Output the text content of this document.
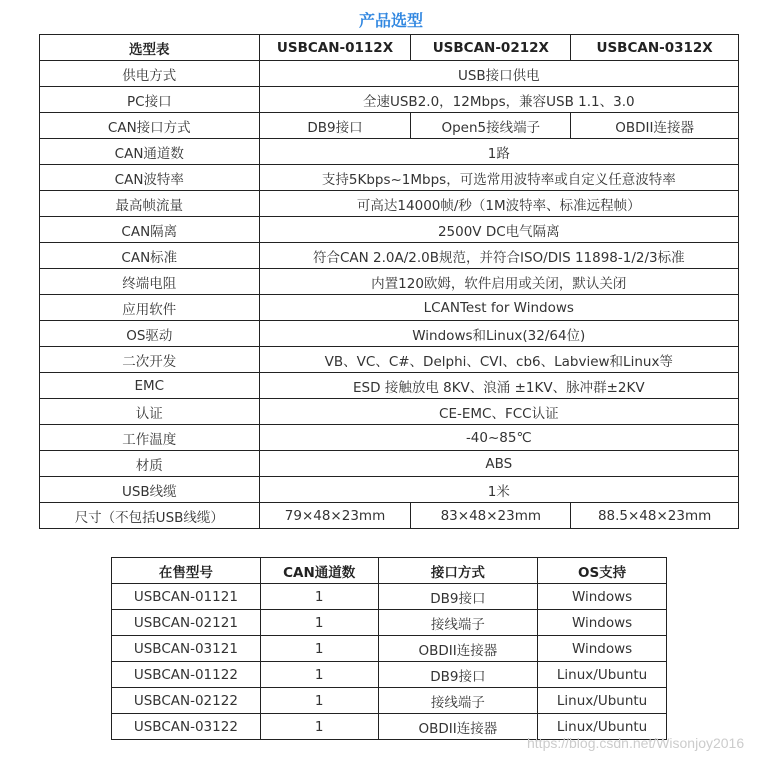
产品选型
选型表	USBCAN-0112X	USBCAN-0212X	USBCAN-0312X
供电方式	USB接口供电		
PC接口	全速USB2.0，12Mbps，兼容USB 1.1、3.0		
CAN接口方式	DB9接口	Open5接线端子	OBDII连接器
CAN通道数	1路		
CAN波特率	支持5Kbps~1Mbps，可选常用波特率或自定义任意波特率		
最高帧流量	可高达14000帧/秒（1M波特率、标准远程帧）		
CAN隔离	2500V DC电气隔离		
CAN标准	符合CAN 2.0A/2.0B规范，并符合ISO/DIS 11898-1/2/3标准		
终端电阻	内置120欧姆，软件启用或关闭，默认关闭		
应用软件	LCANTest for Windows		
OS驱动	Windows和Linux(32/64位)		
二次开发	VB、VC、C#、Delphi、CVI、cb6、Labview和Linux等		
EMC	ESD 接触放电 8KV、浪涌 ±1KV、脉冲群±2KV		
认证	CE-EMC、FCC认证		
工作温度	-40~85℃		
材质	ABS		
USB线缆	1米		
尺寸（不包括USB线缆）	79×48×23mm	83×48×23mm	88.5×48×23mm
在售型号	CAN通道数	接口方式	OS支持
USBCAN-01121	1	DB9接口	Windows
USBCAN-02121	1	接线端子	Windows
USBCAN-03121	1	OBDII连接器	Windows
USBCAN-01122	1	DB9接口	Linux/Ubuntu
USBCAN-02122	1	接线端子	Linux/Ubuntu
USBCAN-03122	1	OBDII连接器	Linux/Ubuntu
https://blog.csdn.net/Wisonjoy2016
